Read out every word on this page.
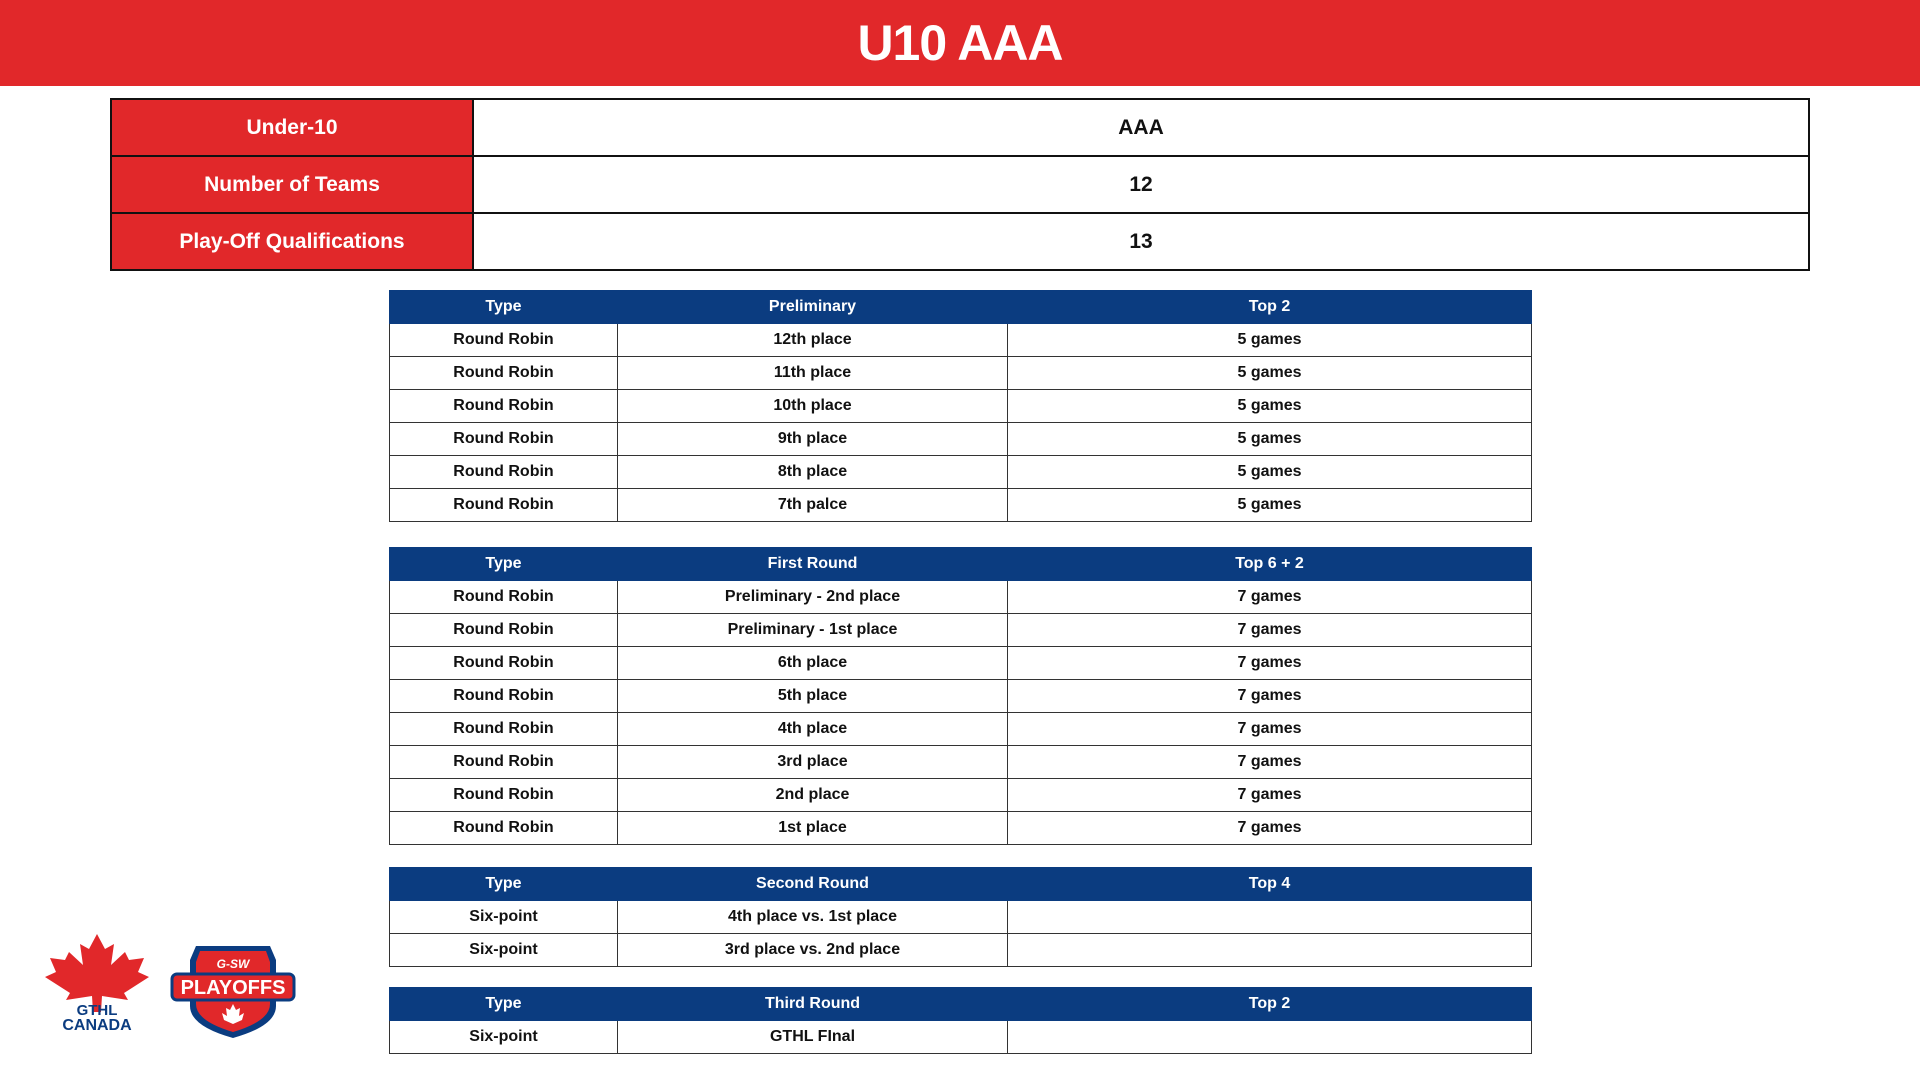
U10 AAA
Under-10	AAA
Number of Teams	12
Play-Off Qualifications	13
Type	Preliminary	Top 2
Round Robin	12th place	5 games
Round Robin	11th place	5 games
Round Robin	10th place	5 games
Round Robin	9th place	5 games
Round Robin	8th place	5 games
Round Robin	7th palce	5 games
Type	First Round	Top 6 + 2
Round Robin	Preliminary - 2nd place	7 games
Round Robin	Preliminary - 1st place	7 games
Round Robin	6th place	7 games
Round Robin	5th place	7 games
Round Robin	4th place	7 games
Round Robin	3rd place	7 games
Round Robin	2nd place	7 games
Round Robin	1st place	7 games
Type	Second Round	Top 4
Six-point	4th place vs. 1st place	
Six-point	3rd place vs. 2nd place	
Type	Third Round	Top 2
Six-point	GTHL FInal	
GTHL
CANADA
G-SW
PLAYOFFS
